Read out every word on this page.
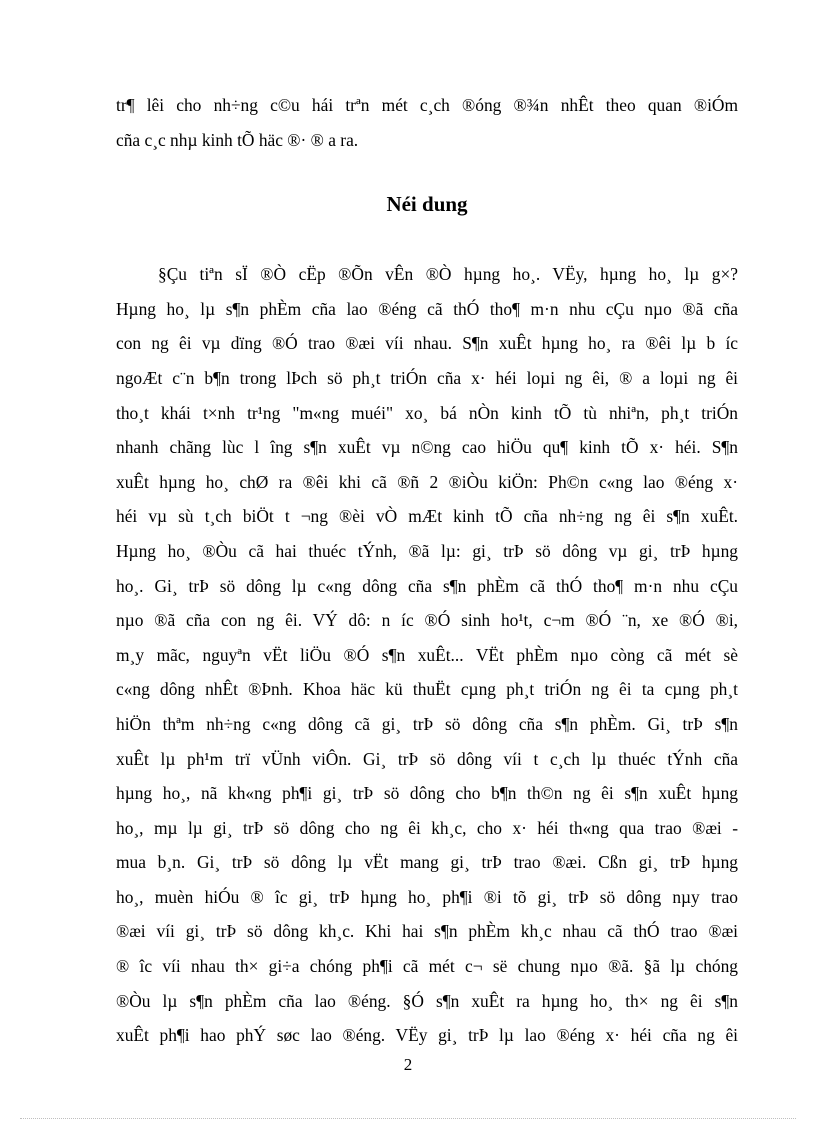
tr¶ lêi cho nh÷ng c©u hái trªn mét c¸ch ®óng ®¾n nhÊt theo quan ®iÓm
cña c¸c nhµ kinh tÕ häc ®· ® a ra.

Néi dung

§Çu tiªn sÏ ®Ò cËp ®Õn vÊn ®Ò hµng ho¸. VËy, hµng ho¸ lµ g×?
Hµng ho¸ lµ s¶n phÈm cña lao ®éng cã thÓ tho¶ m·n nhu cÇu nµo ®ã cña
con ng êi vµ dïng ®Ó trao ®æi víi nhau. S¶n xuÊt hµng ho¸ ra ®êi lµ b íc
ngoÆt c¨n b¶n trong lÞch sö ph¸t triÓn cña x· héi loµi ng êi, ® a loµi ng êi
tho¸t khái t×nh tr¹ng "m«ng muéi" xo¸ bá nÒn kinh tÕ tù nhiªn, ph¸t triÓn
nhanh chãng lùc l îng s¶n xuÊt vµ n©ng cao hiÖu qu¶ kinh tÕ x· héi. S¶n
xuÊt hµng ho¸ chØ ra ®êi khi cã ®ñ 2 ®iÒu kiÖn: Ph©n c«ng lao ®éng x·
héi vµ sù t¸ch biÖt t ¬ng ®èi vÒ mÆt kinh tÕ cña nh÷ng ng êi s¶n xuÊt.
Hµng ho¸ ®Òu cã hai thuéc tÝnh, ®ã lµ: gi¸ trÞ sö dông vµ gi¸ trÞ hµng
ho¸. Gi¸ trÞ sö dông lµ c«ng dông cña s¶n phÈm cã thÓ tho¶ m·n nhu cÇu
nµo ®ã cña con ng êi. VÝ dô: n íc ®Ó sinh ho¹t, c¬m ®Ó ¨n, xe ®Ó ®i,
m¸y mãc, nguyªn vËt liÖu ®Ó s¶n xuÊt... VËt phÈm nµo còng cã mét sè
c«ng dông nhÊt ®Þnh. Khoa häc kü thuËt cµng ph¸t triÓn ng êi ta cµng ph¸t
hiÖn thªm nh÷ng c«ng dông cã gi¸ trÞ sö dông cña s¶n phÈm. Gi¸ trÞ s¶n
xuÊt lµ ph¹m trï vÜnh viÔn. Gi¸ trÞ sö dông víi t c¸ch lµ thuéc tÝnh cña
hµng ho¸, nã kh«ng ph¶i gi¸ trÞ sö dông cho b¶n th©n ng êi s¶n xuÊt hµng
ho¸, mµ lµ gi¸ trÞ sö dông cho ng êi kh¸c, cho x· héi th«ng qua trao ®æi -
mua b¸n. Gi¸ trÞ sö dông lµ vËt mang gi¸ trÞ trao ®æi. Cßn gi¸ trÞ hµng
ho¸, muèn hiÓu ® îc gi¸ trÞ hµng ho¸ ph¶i ®i tõ gi¸ trÞ sö dông nµy trao
®æi víi gi¸ trÞ sö dông kh¸c. Khi hai s¶n phÈm kh¸c nhau cã thÓ trao ®æi
® îc víi nhau th× gi÷a chóng ph¶i cã mét c¬ së chung nµo ®ã. §ã lµ chóng
®Òu lµ s¶n phÈm cña lao ®éng. §Ó s¶n xuÊt ra hµng ho¸ th× ng êi s¶n
xuÊt ph¶i hao phÝ søc lao ®éng. VËy gi¸ trÞ lµ lao ®éng x· héi cña ng êi

2
